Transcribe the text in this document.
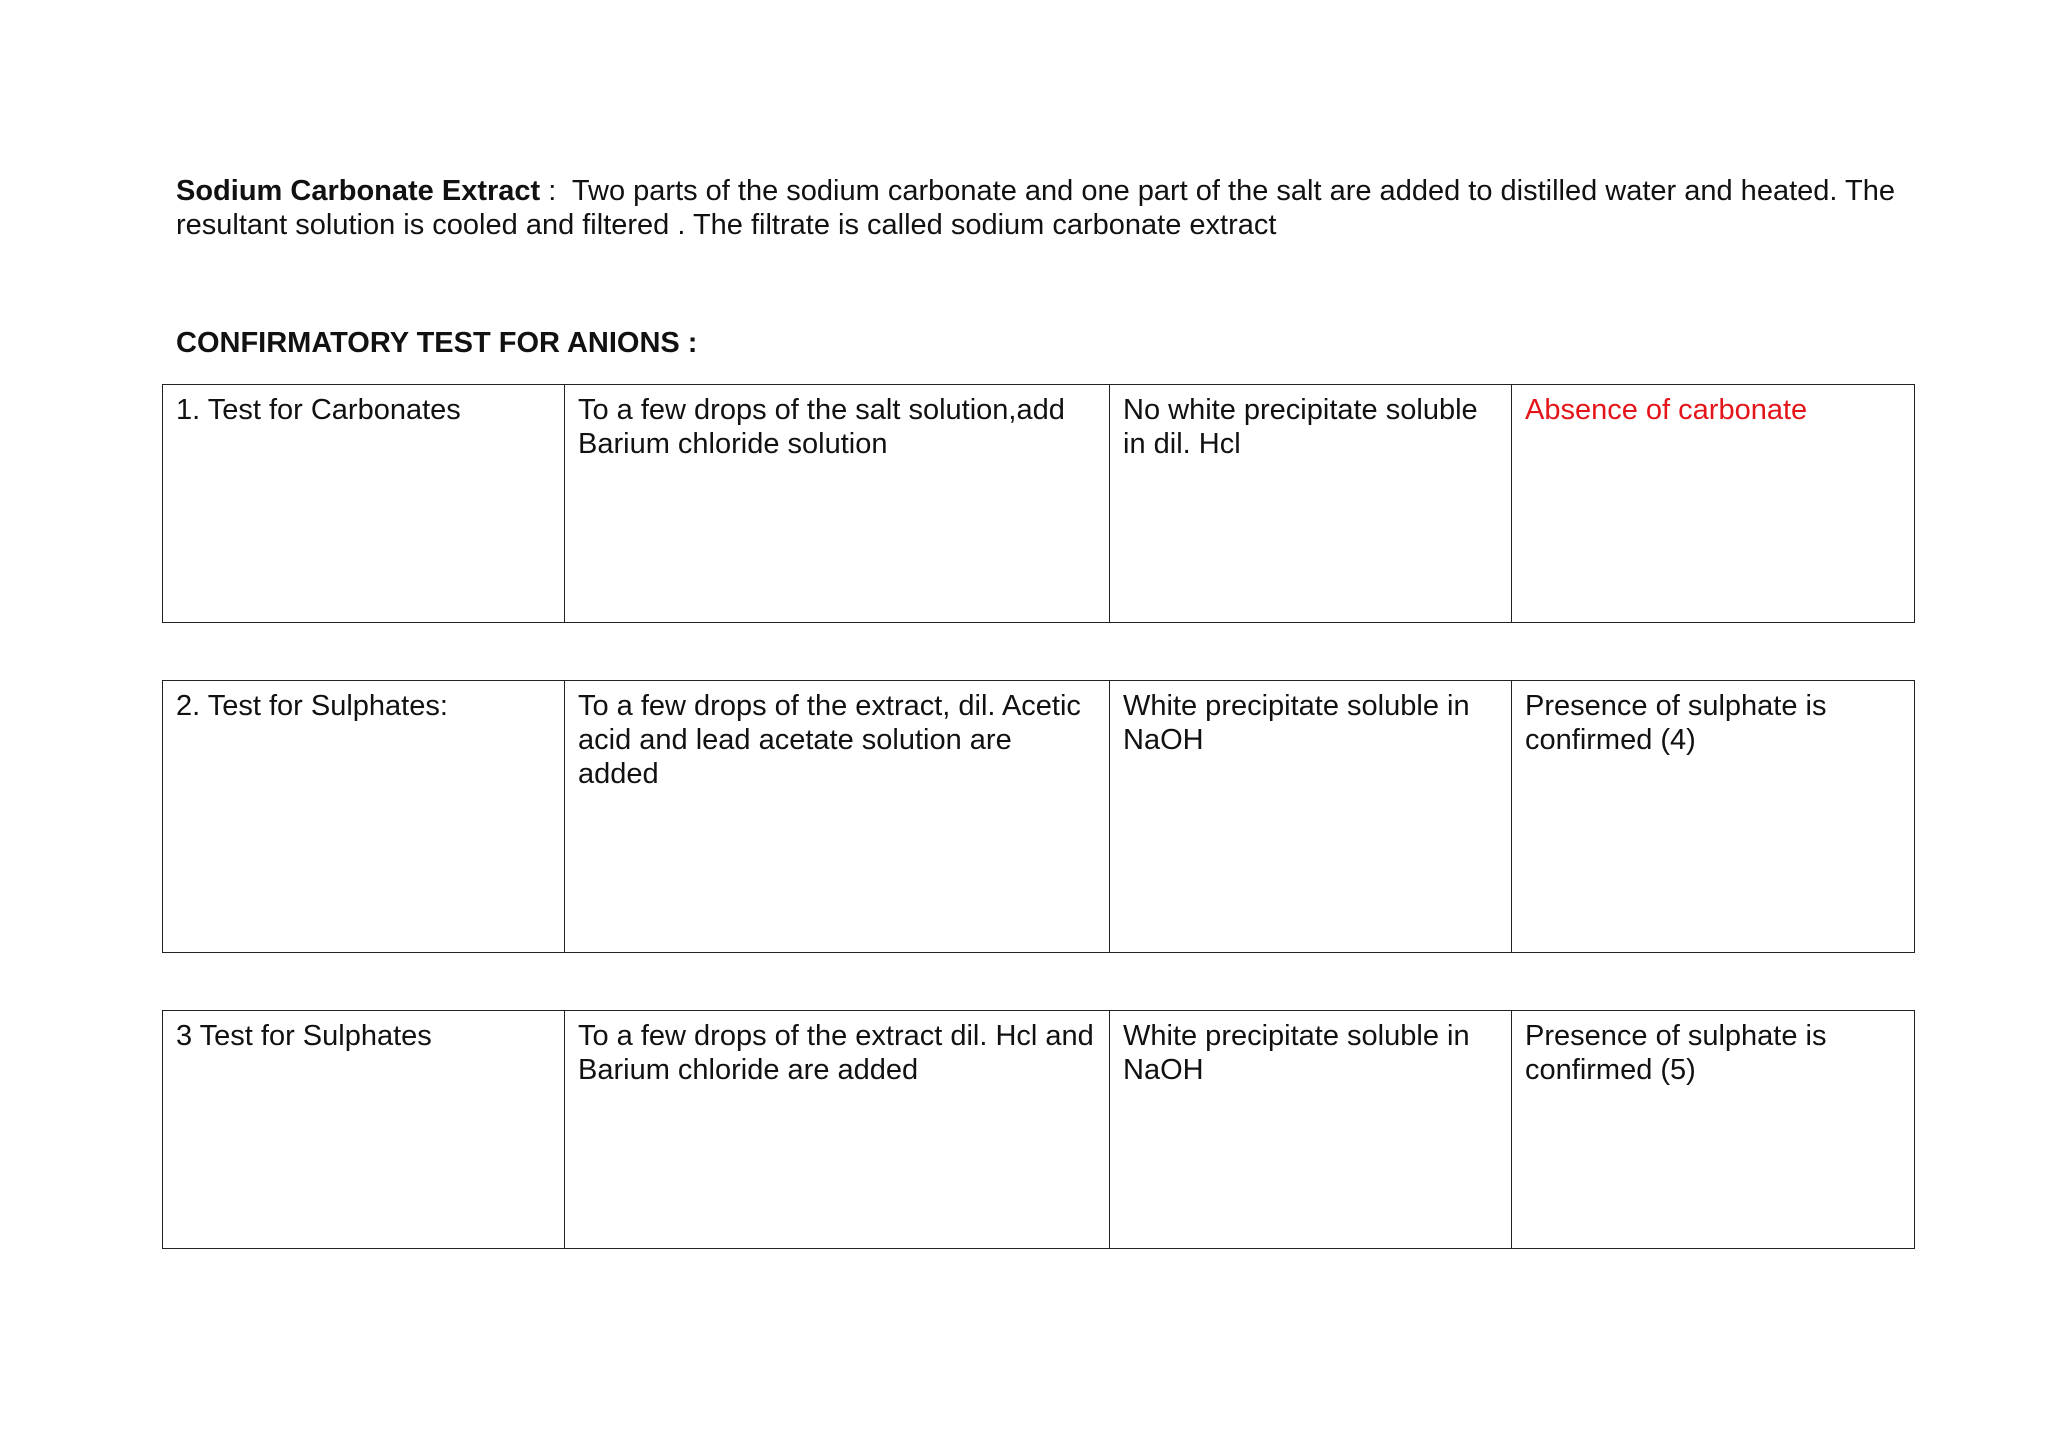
Sodium Carbonate Extract :  Two parts of the sodium carbonate and one part of the salt are added to distilled water and heated. The resultant solution is cooled and filtered . The filtrate is called sodium carbonate extract

CONFIRMATORY TEST FOR ANIONS :

1. Test for Carbonates	To a few drops of the salt solution,add Barium chloride solution	No white precipitate soluble in dil. Hcl	Absence of carbonate
2. Test for Sulphates:	To a few drops of the extract, dil. Acetic acid and lead acetate solution are added	White precipitate soluble in NaOH	Presence of sulphate is confirmed (4)
3 Test for Sulphates	To a few drops of the extract dil. Hcl and Barium chloride are added	White precipitate soluble in NaOH	Presence of sulphate is confirmed (5)
